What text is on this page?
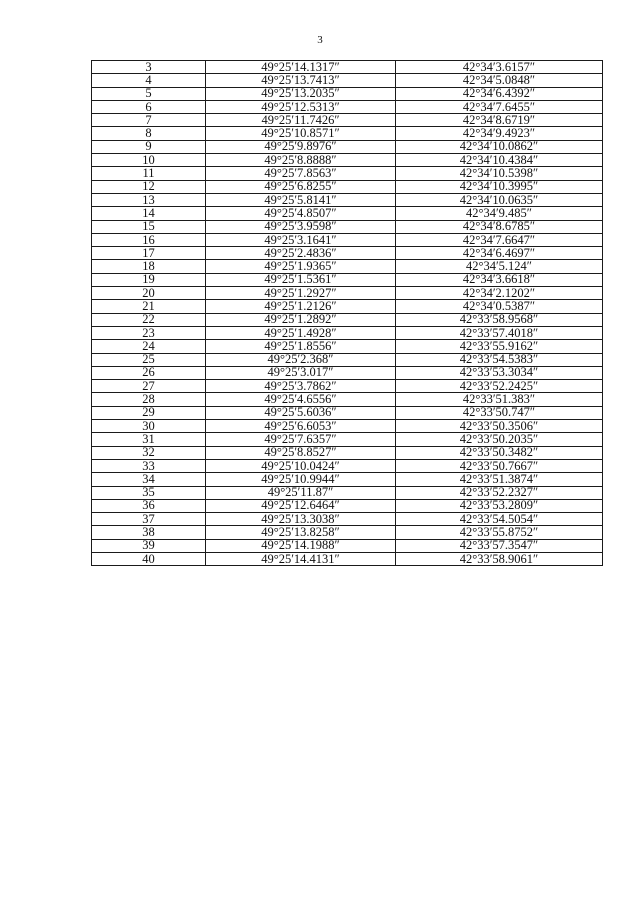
3
3	49°25′14.1317″	42°34′3.6157″
4	49°25′13.7413″	42°34′5.0848″
5	49°25′13.2035″	42°34′6.4392″
6	49°25′12.5313″	42°34′7.6455″
7	49°25′11.7426″	42°34′8.6719″
8	49°25′10.8571″	42°34′9.4923″
9	49°25′9.8976″	42°34′10.0862″
10	49°25′8.8888″	42°34′10.4384″
11	49°25′7.8563″	42°34′10.5398″
12	49°25′6.8255″	42°34′10.3995″
13	49°25′5.8141″	42°34′10.0635″
14	49°25′4.8507″	42°34′9.485″
15	49°25′3.9598″	42°34′8.6785″
16	49°25′3.1641″	42°34′7.6647″
17	49°25′2.4836″	42°34′6.4697″
18	49°25′1.9365″	42°34′5.124″
19	49°25′1.5361″	42°34′3.6618″
20	49°25′1.2927″	42°34′2.1202″
21	49°25′1.2126″	42°34′0.5387″
22	49°25′1.2892″	42°33′58.9568″
23	49°25′1.4928″	42°33′57.4018″
24	49°25′1.8556″	42°33′55.9162″
25	49°25′2.368″	42°33′54.5383″
26	49°25′3.017″	42°33′53.3034″
27	49°25′3.7862″	42°33′52.2425″
28	49°25′4.6556″	42°33′51.383″
29	49°25′5.6036″	42°33′50.747″
30	49°25′6.6053″	42°33′50.3506″
31	49°25′7.6357″	42°33′50.2035″
32	49°25′8.8527″	42°33′50.3482″
33	49°25′10.0424″	42°33′50.7667″
34	49°25′10.9944″	42°33′51.3874″
35	49°25′11.87″	42°33′52.2327″
36	49°25′12.6464″	42°33′53.2809″
37	49°25′13.3038″	42°33′54.5054″
38	49°25′13.8258″	42°33′55.8752″
39	49°25′14.1988″	42°33′57.3547″
40	49°25′14.4131″	42°33′58.9061″
